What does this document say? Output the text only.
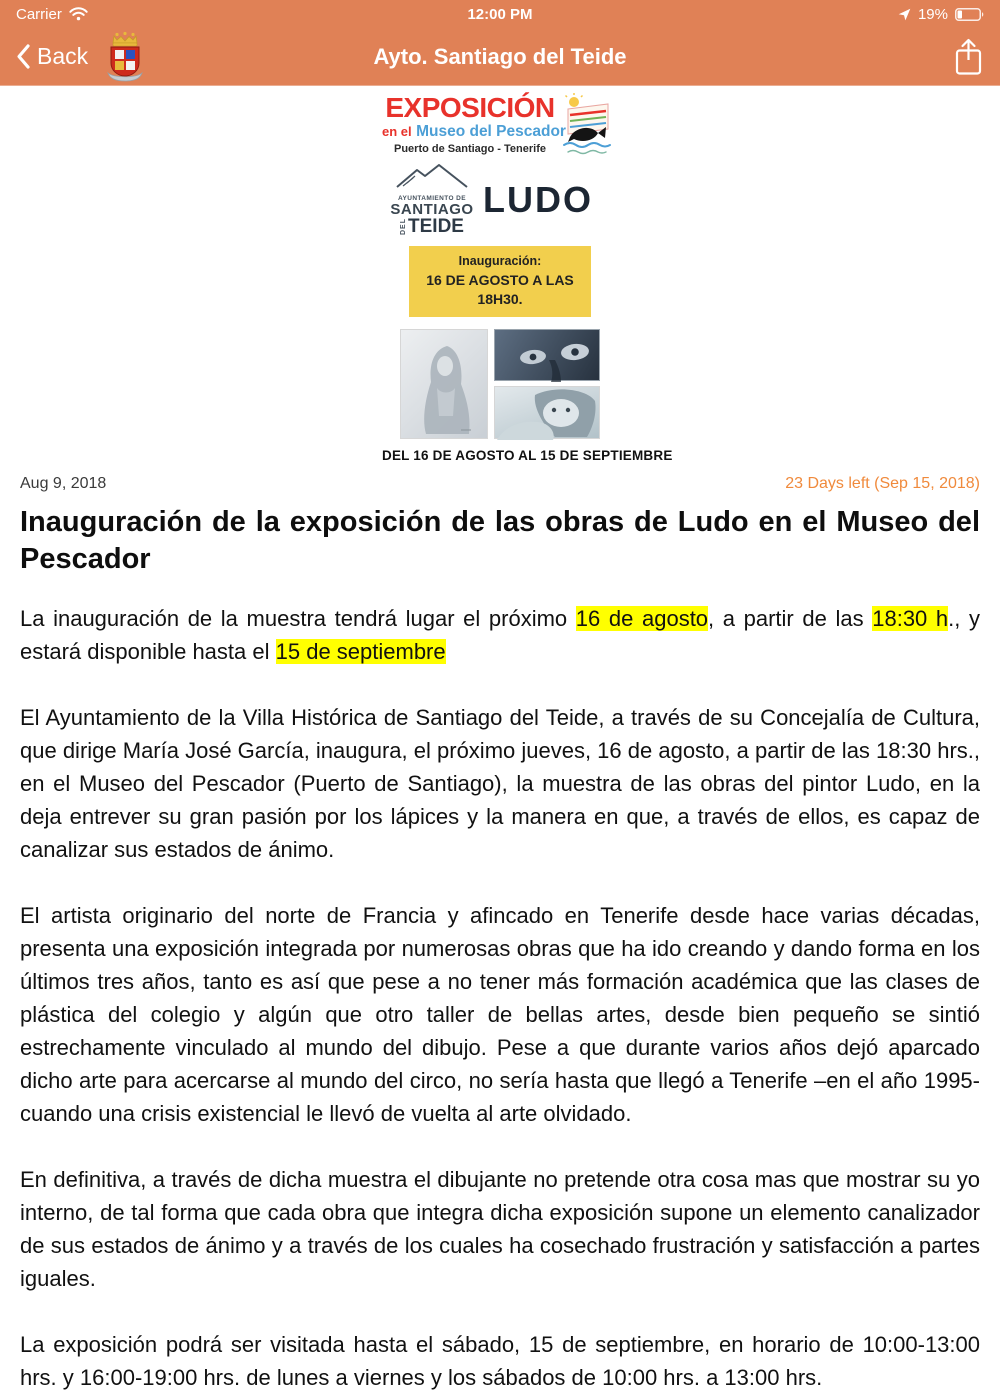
Carrier	12:00 PM	19%
Back	Ayto. Santiago del Teide
EXPOSICIÓN
en el Museo del Pescador
Puerto de Santiago - Tenerife
AYUNTAMIENTO DE
SANTIAGO
DEL TEIDE
LUDO
Inauguración:
16 DE AGOSTO A LAS 18H30.
DEL 16 DE AGOSTO AL 15 DE SEPTIEMBRE
Aug 9, 2018	23 Days left (Sep 15, 2018)
Inauguración de la exposición de las obras de Ludo en el Museo del Pescador

La inauguración de la muestra tendrá lugar el próximo 16 de agosto, a partir de las 18:30 h., y estará disponible hasta el 15 de septiembre

El Ayuntamiento de la Villa Histórica de Santiago del Teide, a través de su Concejalía de Cultura, que dirige María José García, inaugura, el próximo jueves, 16 de agosto, a partir de las 18:30 hrs., en el Museo del Pescador (Puerto de Santiago), la muestra de las obras del pintor Ludo, en la deja entrever su gran pasión por los lápices y la manera en que, a través de ellos, es capaz de canalizar sus estados de ánimo.

El artista originario del norte de Francia y afincado en Tenerife desde hace varias décadas, presenta una exposición integrada por numerosas obras que ha ido creando y dando forma en los últimos tres años, tanto es así que pese a no tener más formación académica que las clases de plástica del colegio y algún que otro taller de bellas artes, desde bien pequeño se sintió estrechamente vinculado al mundo del dibujo. Pese a que durante varios años dejó aparcado dicho arte para acercarse al mundo del circo, no sería hasta que llegó a Tenerife –en el año 1995- cuando una crisis existencial le llevó de vuelta al arte olvidado.

En definitiva, a través de dicha muestra el dibujante no pretende otra cosa mas que mostrar su yo interno, de tal forma que cada obra que integra dicha exposición supone un elemento canalizador de sus estados de ánimo y a través de los cuales ha cosechado frustración y satisfacción a partes iguales.

La exposición podrá ser visitada hasta el sábado, 15 de septiembre, en horario de 10:00-13:00 hrs. y 16:00-19:00 hrs. de lunes a viernes y los sábados de 10:00 hrs. a 13:00 hrs.
